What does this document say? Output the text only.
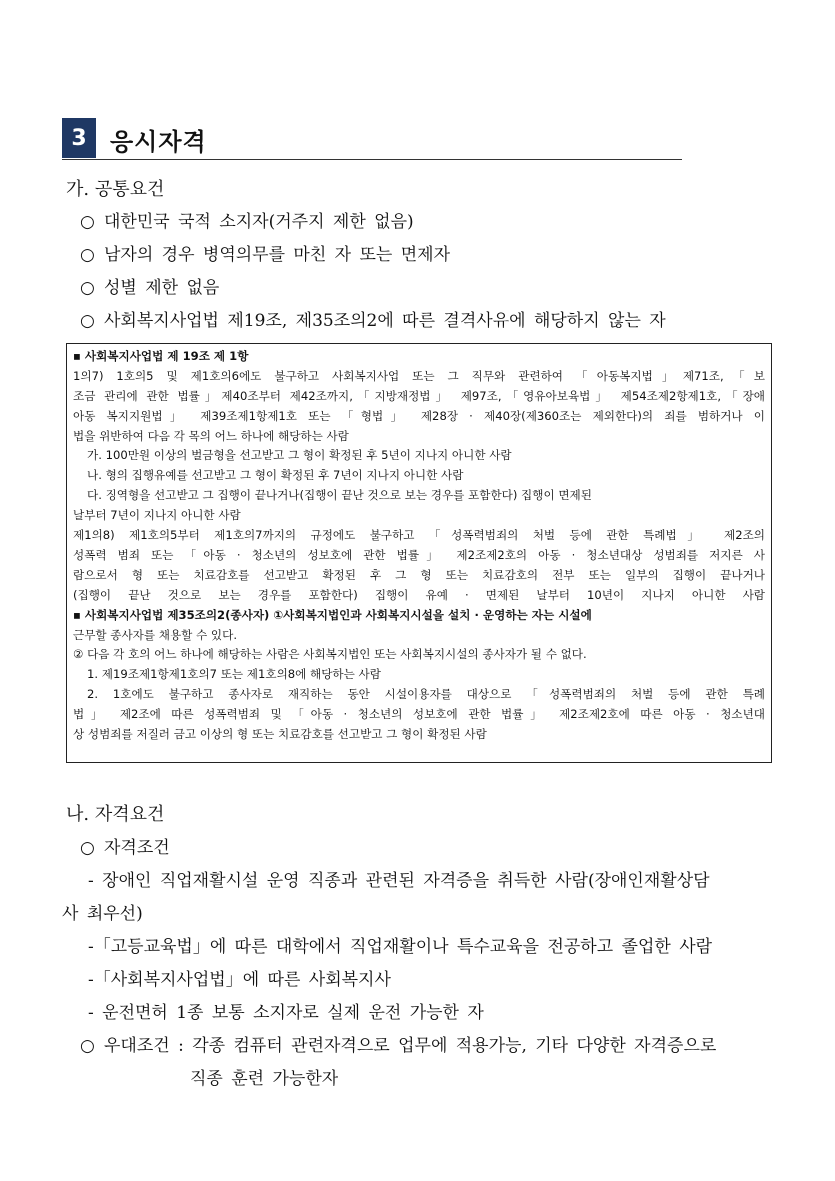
3 응시자격
가. 공통요건
○ 대한민국 국적 소지자(거주지 제한 없음)
○ 남자의 경우 병역의무를 마친 자 또는 면제자
○ 성별 제한 없음
○ 사회복지사업법 제19조, 제35조의2에 따른 결격사유에 해당하지 않는 자
▪ 사회복지사업법 제 19조 제 1항
1의7) 1호의5 및 제1호의6에도 불구하고 사회복지사업 또는 그 직무와 관련하여 「아동복지법」제71조,「보
조금 관리에 관한 법률」제40조부터 제42조까지,「지방재정법」 제97조,「영유아보육법」 제54조제2항제1호,「장애
아동 복지지원법」 제39조제1항제1호 또는 「형법」 제28장 · 제40장(제360조는 제외한다)의 죄를 범하거나 이
법을 위반하여 다음 각 목의 어느 하나에 해당하는 사람
가. 100만원 이상의 벌금형을 선고받고 그 형이 확정된 후 5년이 지나지 아니한 사람
나. 형의 집행유예를 선고받고 그 형이 확정된 후 7년이 지나지 아니한 사람
다. 징역형을 선고받고 그 집행이 끝나거나(집행이 끝난 것으로 보는 경우를 포함한다) 집행이 면제된
날부터 7년이 지나지 아니한 사람
제1의8) 제1호의5부터 제1호의7까지의 규정에도 불구하고 「성폭력범죄의 처벌 등에 관한 특례법」 제2조의
성폭력 범죄 또는 「아동 · 청소년의 성보호에 관한 법률」 제2조제2호의 아동 · 청소년대상 성범죄를 저지른 사
람으로서 형 또는 치료감호를 선고받고 확정된 후 그 형 또는 치료감호의 전부 또는 일부의 집행이 끝나거나
(집행이 끝난 것으로 보는 경우를 포함한다) 집행이 유예 · 면제된 날부터 10년이 지나지 아니한 사람
▪ 사회복지사업법 제35조의2(종사자) ①사회복지법인과 사회복지시설을 설치 · 운영하는 자는 시설에
근무할 종사자를 채용할 수 있다.
② 다음 각 호의 어느 하나에 해당하는 사람은 사회복지법인 또는 사회복지시설의 종사자가 될 수 없다.
1. 제19조제1항제1호의7 또는 제1호의8에 해당하는 사람
2. 1호에도 불구하고 종사자로 재직하는 동안 시설이용자를 대상으로 「성폭력범죄의 처벌 등에 관한 특례
법」 제2조에 따른 성폭력범죄 및 「아동 · 청소년의 성보호에 관한 법률」 제2조제2호에 따른 아동 · 청소년대
상 성범죄를 저질러 금고 이상의 형 또는 치료감호를 선고받고 그 형이 확정된 사람
나. 자격요건
○ 자격조건
- 장애인 직업재활시설 운영 직종과 관련된 자격증을 취득한 사람(장애인재활상담
사 최우선)
-「고등교육법」에 따른 대학에서 직업재활이나 특수교육을 전공하고 졸업한 사람
-「사회복지사업법」에 따른 사회복지사
- 운전면허 1종 보통 소지자로 실제 운전 가능한 자
○ 우대조건 : 각종 컴퓨터 관련자격으로 업무에 적용가능, 기타 다양한 자격증으로
직종 훈련 가능한자
